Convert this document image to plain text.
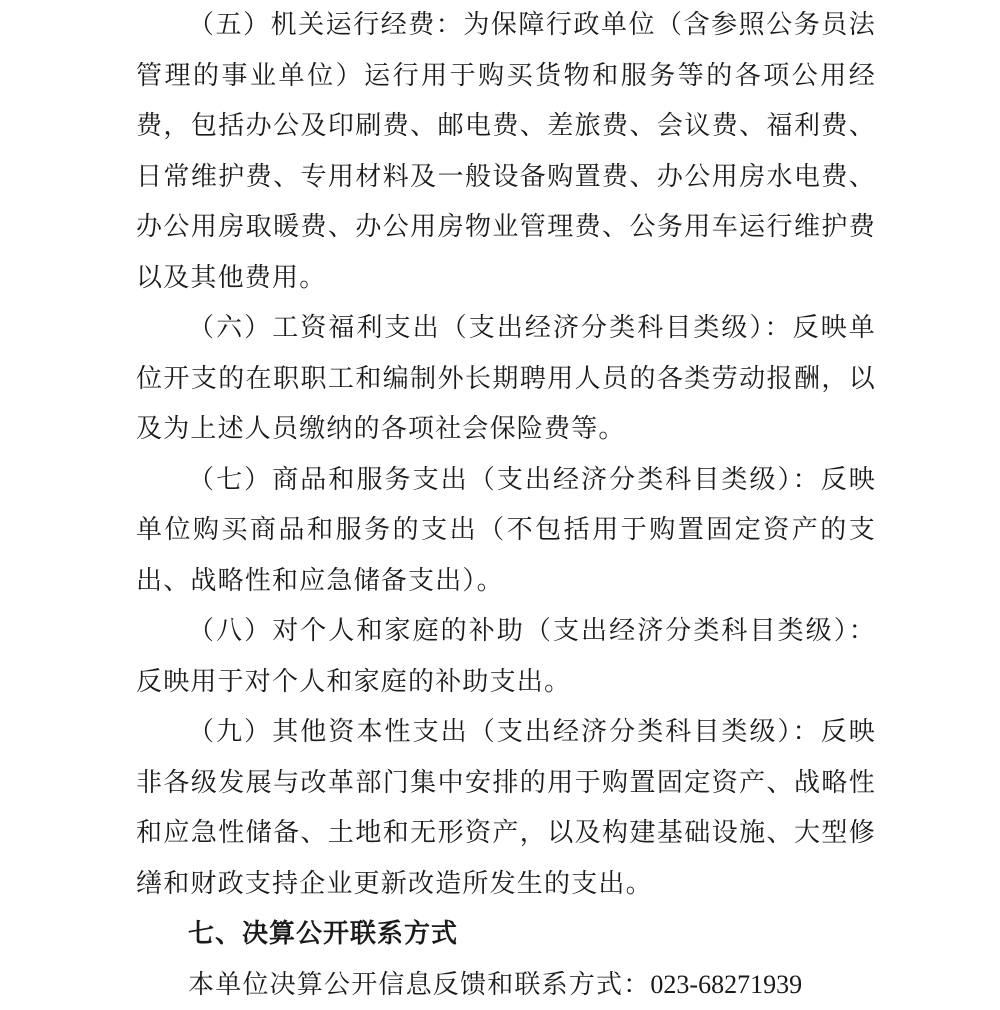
（五）机关运行经费：为保障行政单位（含参照公务员法管理的事业单位）运行用于购买货物和服务等的各项公用经费，包括办公及印刷费、邮电费、差旅费、会议费、福利费、日常维护费、专用材料及一般设备购置费、办公用房水电费、办公用房取暖费、办公用房物业管理费、公务用车运行维护费以及其他费用。

（六）工资福利支出（支出经济分类科目类级）：反映单位开支的在职职工和编制外长期聘用人员的各类劳动报酬，以及为上述人员缴纳的各项社会保险费等。

（七）商品和服务支出（支出经济分类科目类级）：反映单位购买商品和服务的支出（不包括用于购置固定资产的支出、战略性和应急储备支出）。

（八）对个人和家庭的补助（支出经济分类科目类级）：反映用于对个人和家庭的补助支出。

（九）其他资本性支出（支出经济分类科目类级）：反映非各级发展与改革部门集中安排的用于购置固定资产、战略性和应急性储备、土地和无形资产，以及构建基础设施、大型修缮和财政支持企业更新改造所发生的支出。

七、决算公开联系方式

本单位决算公开信息反馈和联系方式：023-68271939
